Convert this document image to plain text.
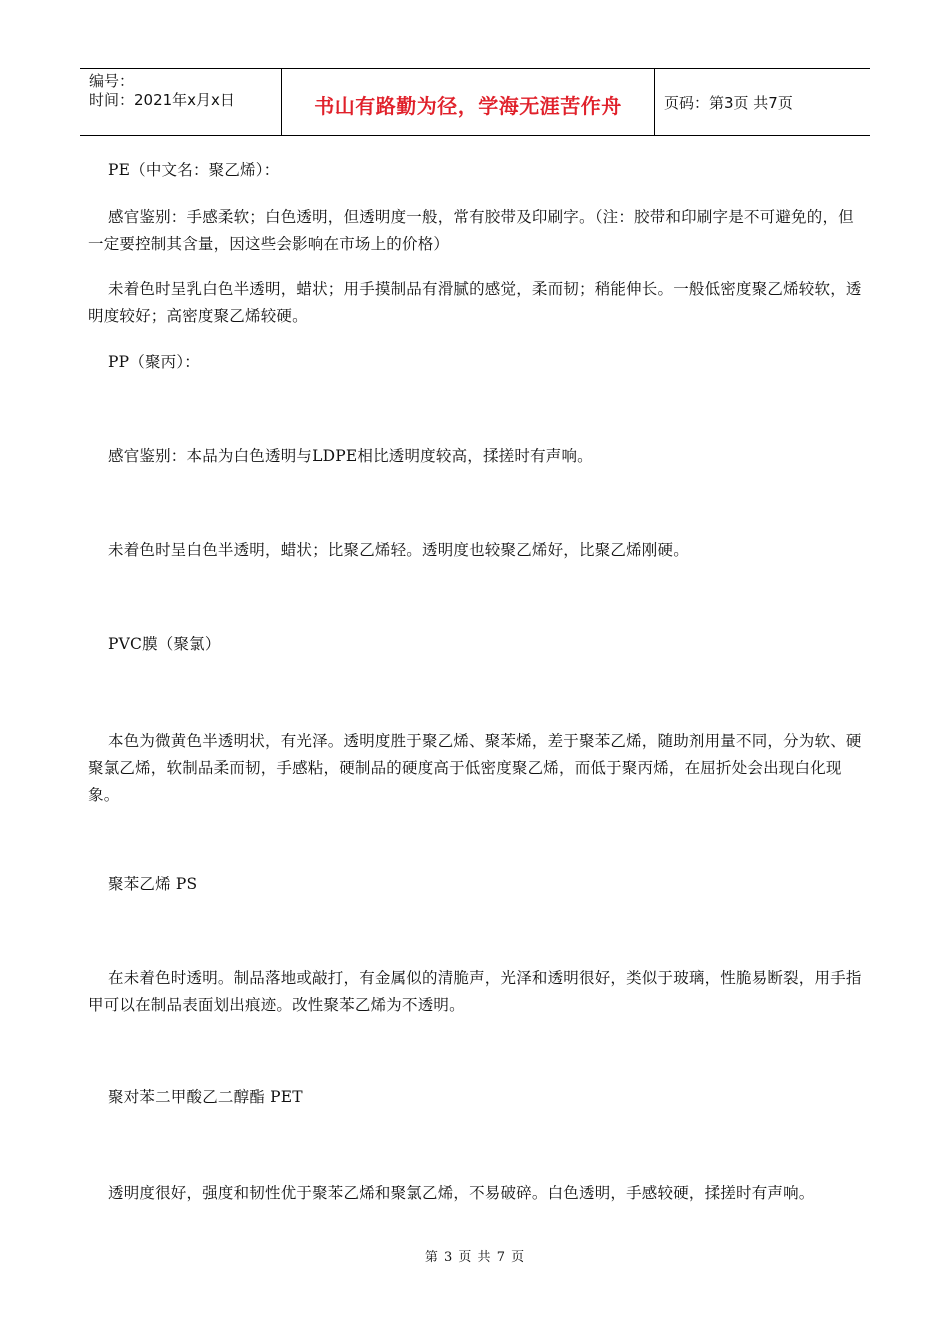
编号：
时间：2021年x月x日	书山有路勤为径，学海无涯苦作舟	页码：第3页 共7页
PE（中文名：聚乙烯）：
感官鉴别：手感柔软；白色透明，但透明度一般，常有胶带及印刷字。（注：胶带和印刷字是不可避免的，但一定要控制其含量，因这些会影响在市场上的价格）
未着色时呈乳白色半透明，蜡状；用手摸制品有滑腻的感觉，柔而韧；稍能伸长。一般低密度聚乙烯较软，透明度较好；高密度聚乙烯较硬。
PP（聚丙）：
感官鉴别：本品为白色透明与LDPE相比透明度较高，揉搓时有声响。
未着色时呈白色半透明，蜡状；比聚乙烯轻。透明度也较聚乙烯好，比聚乙烯刚硬。
PVC膜（聚氯）
本色为微黄色半透明状，有光泽。透明度胜于聚乙烯、聚苯烯，差于聚苯乙烯，随助剂用量不同，分为软、硬聚氯乙烯，软制品柔而韧，手感粘，硬制品的硬度高于低密度聚乙烯，而低于聚丙烯，在屈折处会出现白化现象。
聚苯乙烯 PS
在未着色时透明。制品落地或敲打，有金属似的清脆声，光泽和透明很好，类似于玻璃，性脆易断裂，用手指甲可以在制品表面划出痕迹。改性聚苯乙烯为不透明。
聚对苯二甲酸乙二醇酯 PET
透明度很好，强度和韧性优于聚苯乙烯和聚氯乙烯，不易破碎。白色透明，手感较硬，揉搓时有声响。
第 3 页 共 7 页
